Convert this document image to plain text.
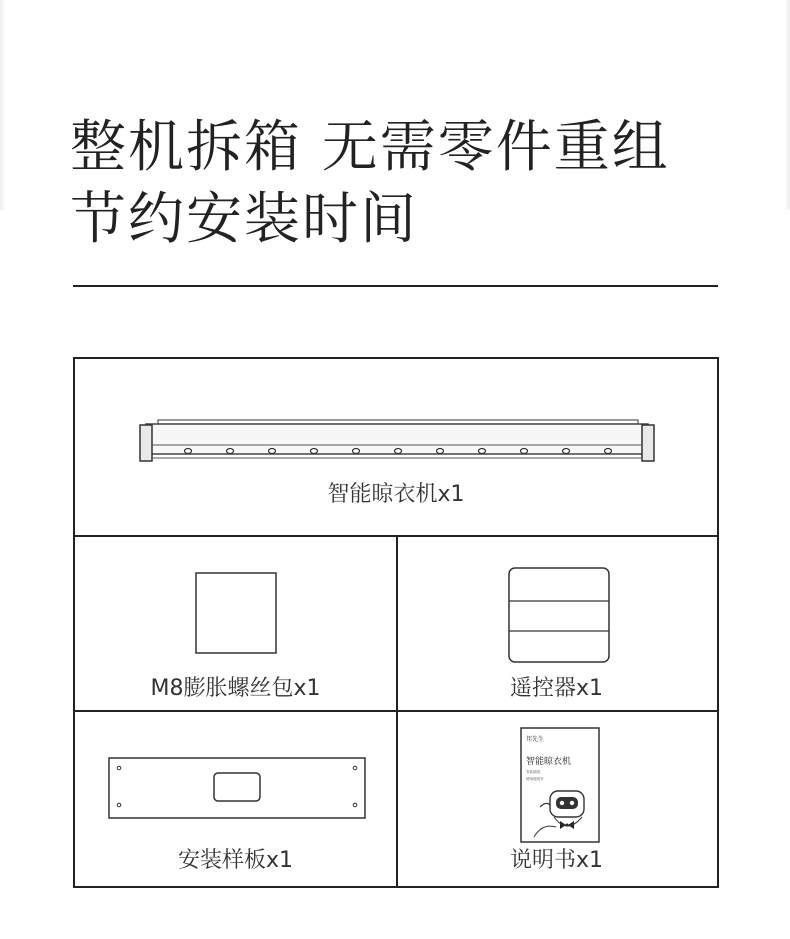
整机拆箱 无需零件重组
节约安装时间
智能晾衣机x1
M8膨胀螺丝包x1	遥控器x1
安装样板x1
邦先生
智能晾衣机
安装说明
使用说明书
说明书x1
